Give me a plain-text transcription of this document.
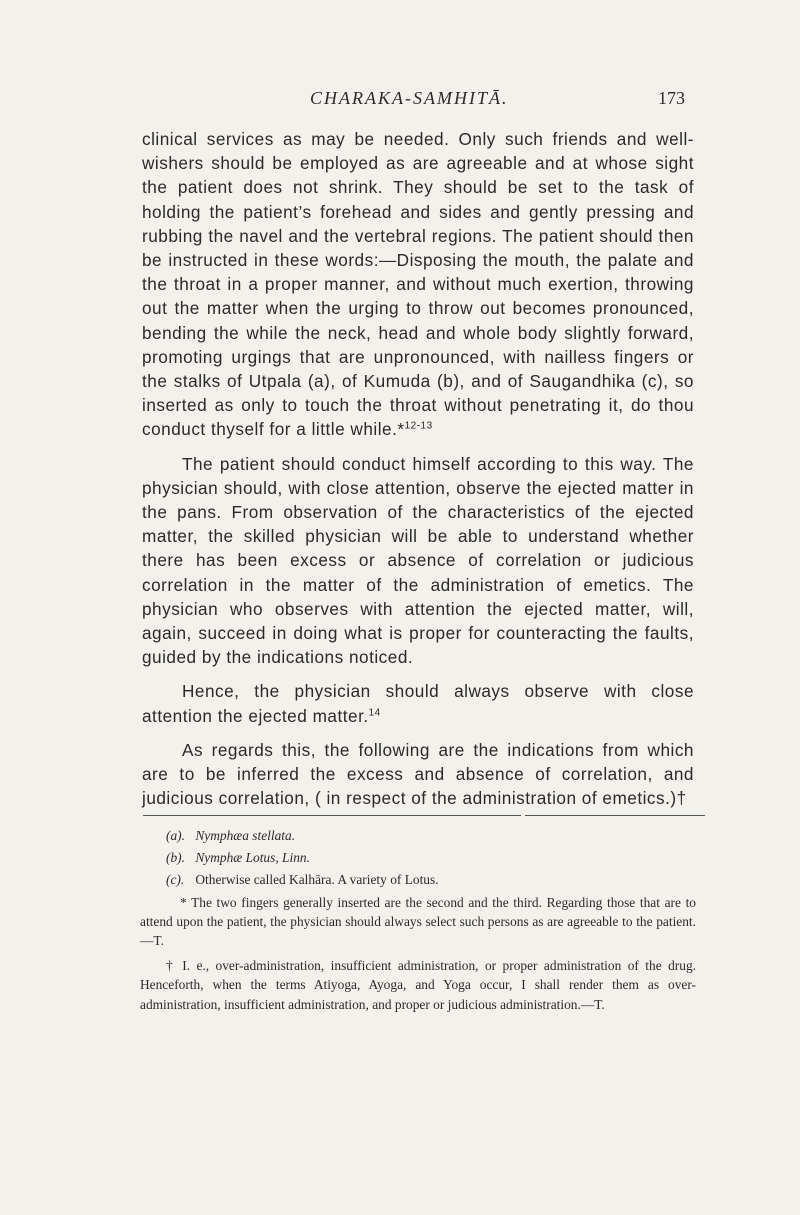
CHARAKA-SAMHITĀ.	173

clinical services as may be needed. Only such friends and well-wishers should be employed as are agreeable and at whose sight the patient does not shrink. They should be set to the task of holding the patient’s forehead and sides and gently pressing and rubbing the navel and the vertebral regions. The patient should then be instructed in these words:—Disposing the mouth, the palate and the throat in a proper manner, and without much exertion, throwing out the matter when the urging to throw out becomes pronounced, bending the while the neck, head and whole body slightly forward, promoting urgings that are unpronounced, with nailless fingers or the stalks of Utpala (a), of Kumuda (b), and of Saugandhika (c), so inserted as only to touch the throat without penetrating it, do thou conduct thyself for a little while.*$^{12-13}$

The patient should conduct himself according to this way. The physician should, with close attention, observe the ejected matter in the pans. From observation of the characteristics of the ejected matter, the skilled physician will be able to understand whether there has been excess or absence of correlation or judicious correlation in the matter of the administration of emetics. The physician who observes with attention the ejected matter, will, again, succeed in doing what is proper for counteracting the faults, guided by the indications noticed.

Hence, the physician should always observe with close attention the ejected matter.$^{14}$

As regards this, the following are the indications from which are to be inferred the excess and absence of correlation, and judicious correlation, ( in respect of the administration of emetics.)†

(a). Nymphæa stellata.

(b). Nymphæ Lotus, Linn.

(c). Otherwise called Kalhāra. A variety of Lotus.

* The two fingers generally inserted are the second and the third. Regarding those that are to attend upon the patient, the physician should always select such persons as are agreeable to the patient.—T.

† I. e., over-administration, insufficient administration, or proper administration of the drug. Henceforth, when the terms Atiyoga, Ayoga, and Yoga occur, I shall render them as over-administration, insufficient administration, and proper or judicious administration.—T.
